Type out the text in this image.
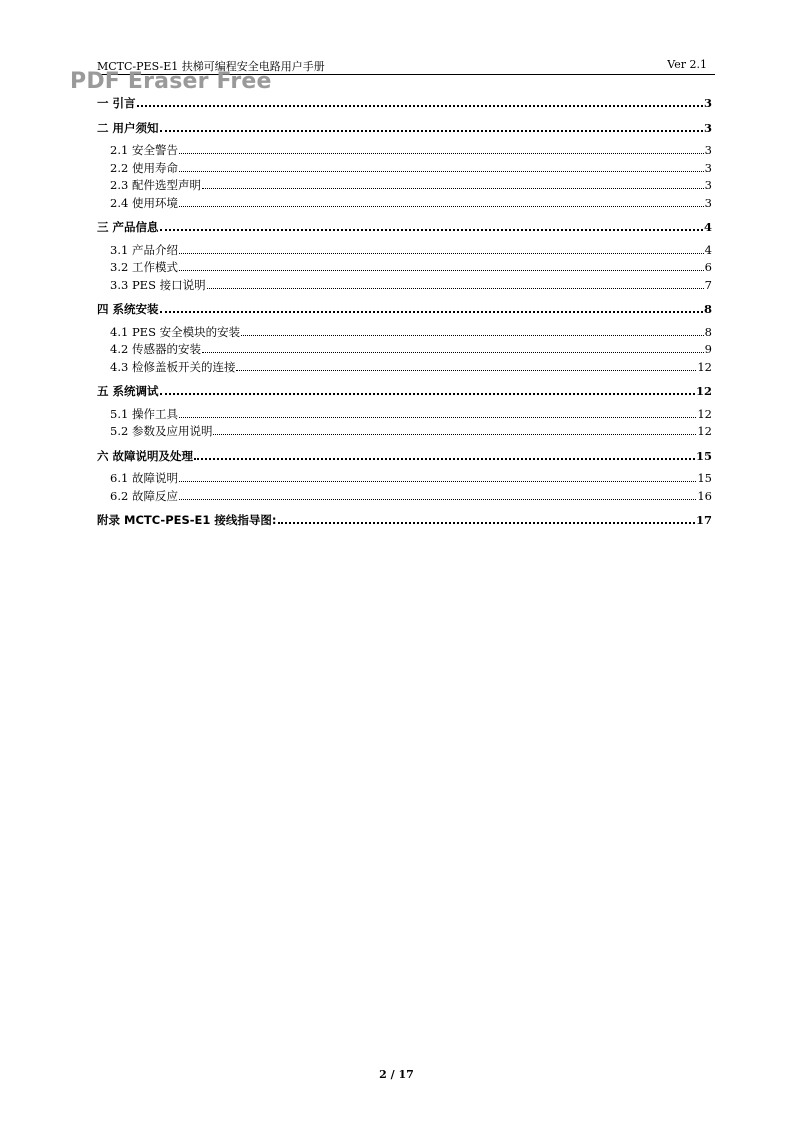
MCTC-PES-E1 扶梯可编程安全电路用户手册	Ver 2.1
PDF Eraser Free
一 引言	3
二 用户须知	3
2.1 安全警告	3
2.2 使用寿命	3
2.3 配件选型声明	3
2.4 使用环境	3
三 产品信息	4
3.1 产品介绍	4
3.2 工作模式	6
3.3 PES 接口说明	7
四 系统安装	8
4.1 PES 安全模块的安装	8
4.2 传感器的安装	9
4.3 检修盖板开关的连接	12
五 系统调试	12
5.1 操作工具	12
5.2 参数及应用说明	12
六 故障说明及处理	15
6.1 故障说明	15
6.2 故障反应	16
附录 MCTC-PES-E1 接线指导图:	17
2 / 17
